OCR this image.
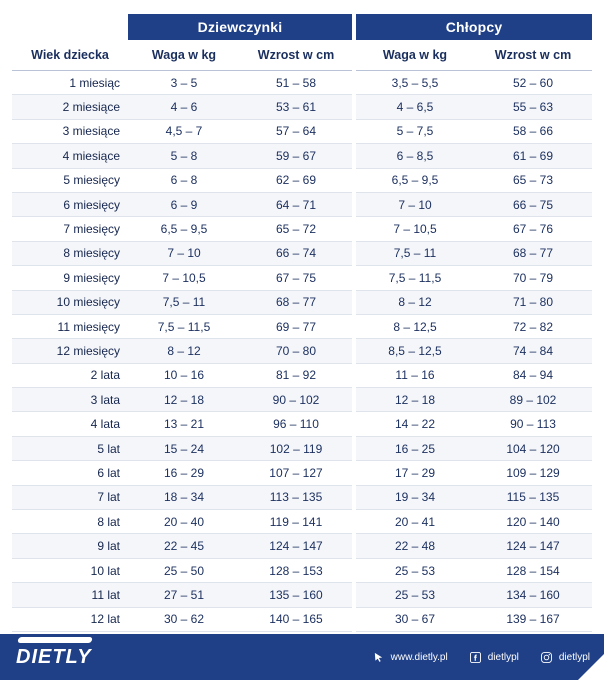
	Dziewczynki			Chłopcy	
Wiek dziecka	Waga w kg	Wzrost w cm		Waga w kg	Wzrost w cm
1 miesiąc	3 – 5	51 – 58		3,5 – 5,5	52 – 60
2 miesiące	4 – 6	53 – 61		4 – 6,5	55 – 63
3 miesiące	4,5 – 7	57 – 64		5 – 7,5	58 – 66
4 miesiące	5 – 8	59 – 67		6 – 8,5	61 – 69
5 miesięcy	6 – 8	62 – 69		6,5 – 9,5	65 – 73
6 miesięcy	6 – 9	64 – 71		7 – 10	66 – 75
7 miesięcy	6,5 – 9,5	65 – 72		7 – 10,5	67 – 76
8 miesięcy	7 – 10	66 – 74		7,5 – 11	68 – 77
9 miesięcy	7 – 10,5	67 – 75		7,5 – 11,5	70 – 79
10 miesięcy	7,5 – 11	68 – 77		8 – 12	71 – 80
11 miesięcy	7,5 – 11,5	69 – 77		8 – 12,5	72 – 82
12 miesięcy	8 – 12	70 – 80		8,5 – 12,5	74 – 84
2 lata	10 – 16	81 – 92		11 – 16	84 – 94
3 lata	12 – 18	90 – 102		12 – 18	89 – 102
4 lata	13 – 21	96 – 110		14 – 22	90 – 113
5 lat	15 – 24	102 – 119		16 – 25	104 – 120
6 lat	16 – 29	107 – 127		17 – 29	109 – 129
7 lat	18 – 34	113 – 135		19 – 34	115 – 135
8 lat	20 – 40	119 – 141		20 – 41	120 – 140
9 lat	22 – 45	124 – 147		22 – 48	124 – 147
10 lat	25 – 50	128 – 153		25 – 53	128 – 154
11 lat	27 – 51	135 – 160		25 – 53	134 – 160
12 lat	30 – 62	140 – 165		30 – 67	139 – 167
DIETLY	www.dietly.pl	dietlypl	dietlypl
